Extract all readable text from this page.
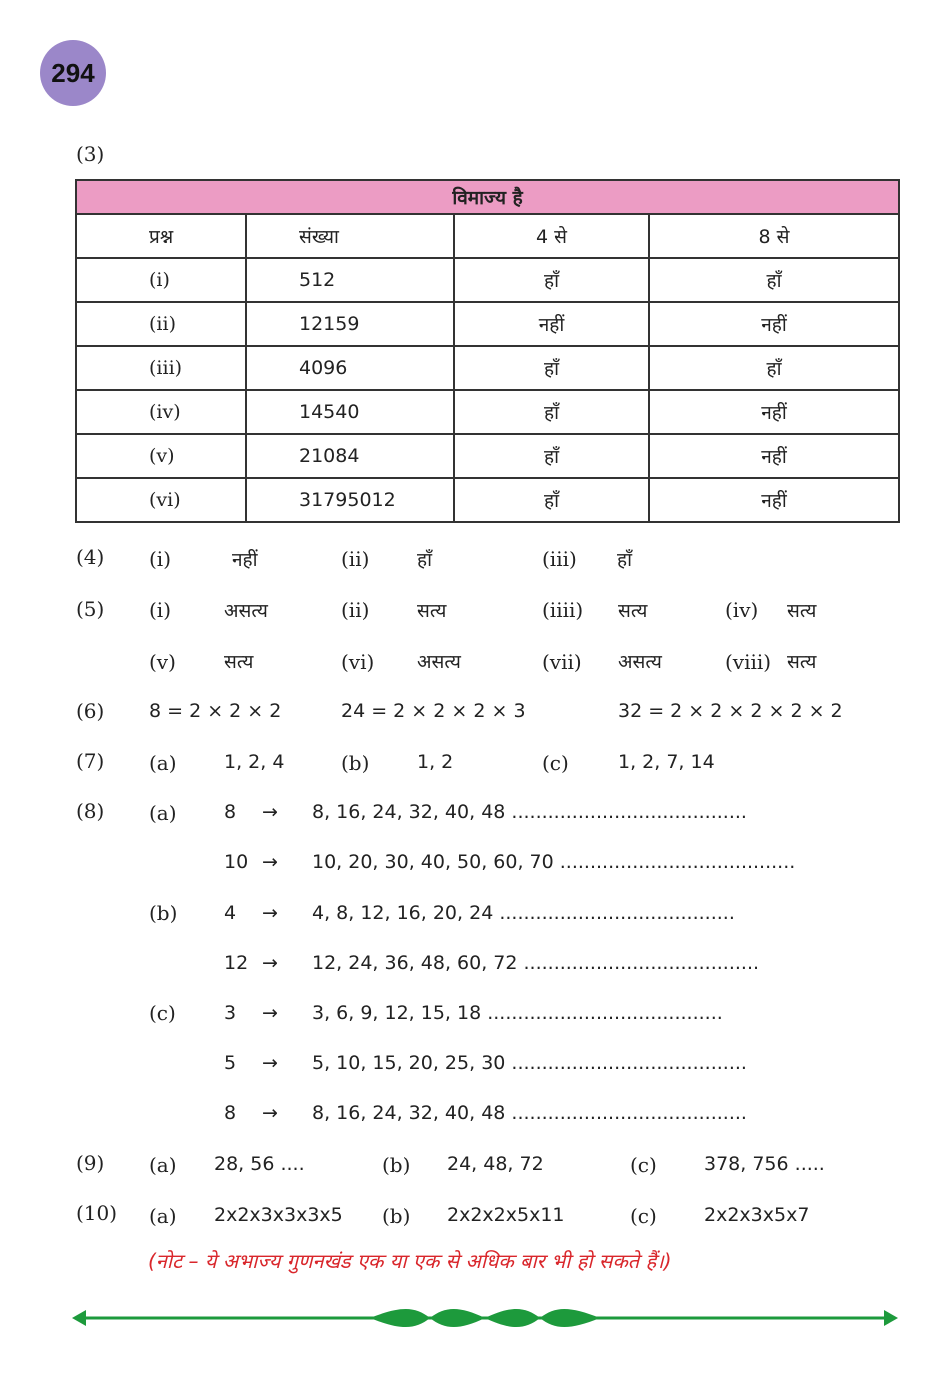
294
(3)
विमाज्य है			
प्रश्न	संख्या	4 से	8 से
(i)	512	हाँ	हाँ
(ii)	12159	नहीं	नहीं
(iii)	4096	हाँ	हाँ
(iv)	14540	हाँ	नहीं
(v)	21084	हाँ	नहीं
(vi)	31795012	हाँ	नहीं
(4) (i)	नहीं	(ii)	हाँ	(iii) हाँ
(5) (i)	असत्य	(ii)	सत्य	(iiii) सत्य	(iv) सत्य
(v)	सत्य	(vi) असत्य	(vii) असत्य	(viii) सत्य
(6) 8 = 2 × 2 × 2	24 = 2 × 2 × 2 × 3	32 = 2 × 2 × 2 × 2 × 2
(7) (a) 1, 2, 4	(b)	1, 2	(c)	1, 2, 7, 14
(8) (a) 8 → 8, 16, 24, 32, 40, 48 .......................................
10 → 10, 20, 30, 40, 50, 60, 70 .......................................
(b) 4 → 4, 8, 12, 16, 20, 24 .......................................
12 → 12, 24, 36, 48, 60, 72 .......................................
(c)	3 → 3, 6, 9, 12, 15, 18 .......................................
5 → 5, 10, 15, 20, 25, 30 .......................................
8 → 8, 16, 24, 32, 40, 48 .......................................
(9) (a) 28, 56 ....	(b) 24, 48, 72	(c) 378, 756 .....
(10) (a) 2x2x3x3x3x5 (b) 2x2x2x5x11	(c) 2x2x3x5x7
(नोट – ये अभाज्य गुणनखंड एक या एक से अधिक बार भी हो सकते हैं।)
